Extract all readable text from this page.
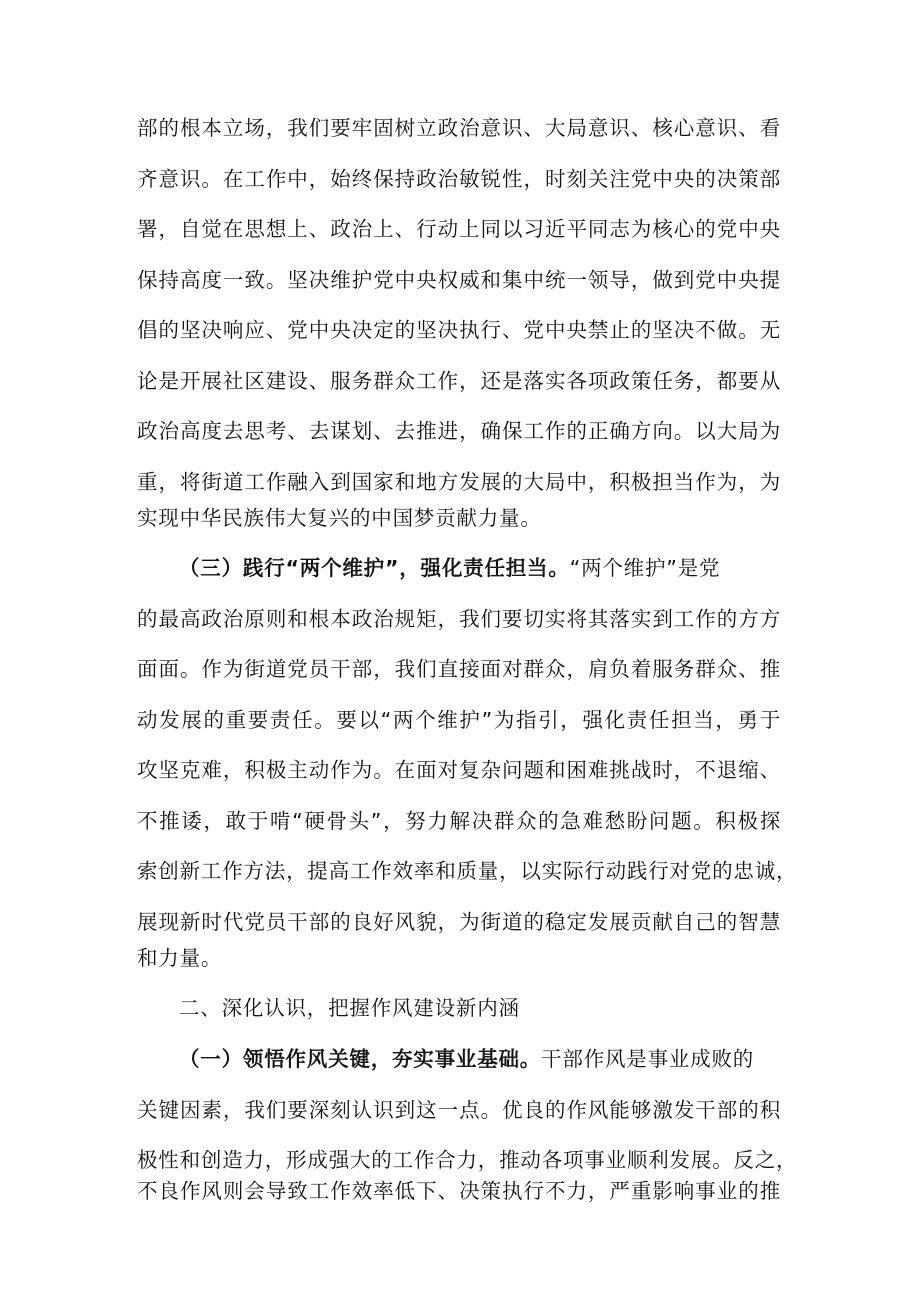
部的根本立场，我们要牢固树立政治意识、大局意识、核心意识、看
齐意识。在工作中，始终保持政治敏锐性，时刻关注党中央的决策部
署，自觉在思想上、政治上、行动上同以习近平同志为核心的党中央
保持高度一致。坚决维护党中央权威和集中统一领导，做到党中央提
倡的坚决响应、党中央决定的坚决执行、党中央禁止的坚决不做。无
论是开展社区建设、服务群众工作，还是落实各项政策任务，都要从
政治高度去思考、去谋划、去推进，确保工作的正确方向。以大局为
重，将街道工作融入到国家和地方发展的大局中，积极担当作为，为
实现中华民族伟大复兴的中国梦贡献力量。
（三）践行“两个维护”，强化责任担当。“两个维护”是党
的最高政治原则和根本政治规矩，我们要切实将其落实到工作的方方
面面。作为街道党员干部，我们直接面对群众，肩负着服务群众、推
动发展的重要责任。要以“两个维护”为指引，强化责任担当，勇于
攻坚克难，积极主动作为。在面对复杂问题和困难挑战时，不退缩、
不推诿，敢于啃“硬骨头”，努力解决群众的急难愁盼问题。积极探
索创新工作方法，提高工作效率和质量，以实际行动践行对党的忠诚，
展现新时代党员干部的良好风貌，为街道的稳定发展贡献自己的智慧
和力量。
二、深化认识，把握作风建设新内涵
（一）领悟作风关键，夯实事业基础。干部作风是事业成败的
关键因素，我们要深刻认识到这一点。优良的作风能够激发干部的积
极性和创造力，形成强大的工作合力，推动各项事业顺利发展。反之，
不良作风则会导致工作效率低下、决策执行不力，严重影响事业的推
